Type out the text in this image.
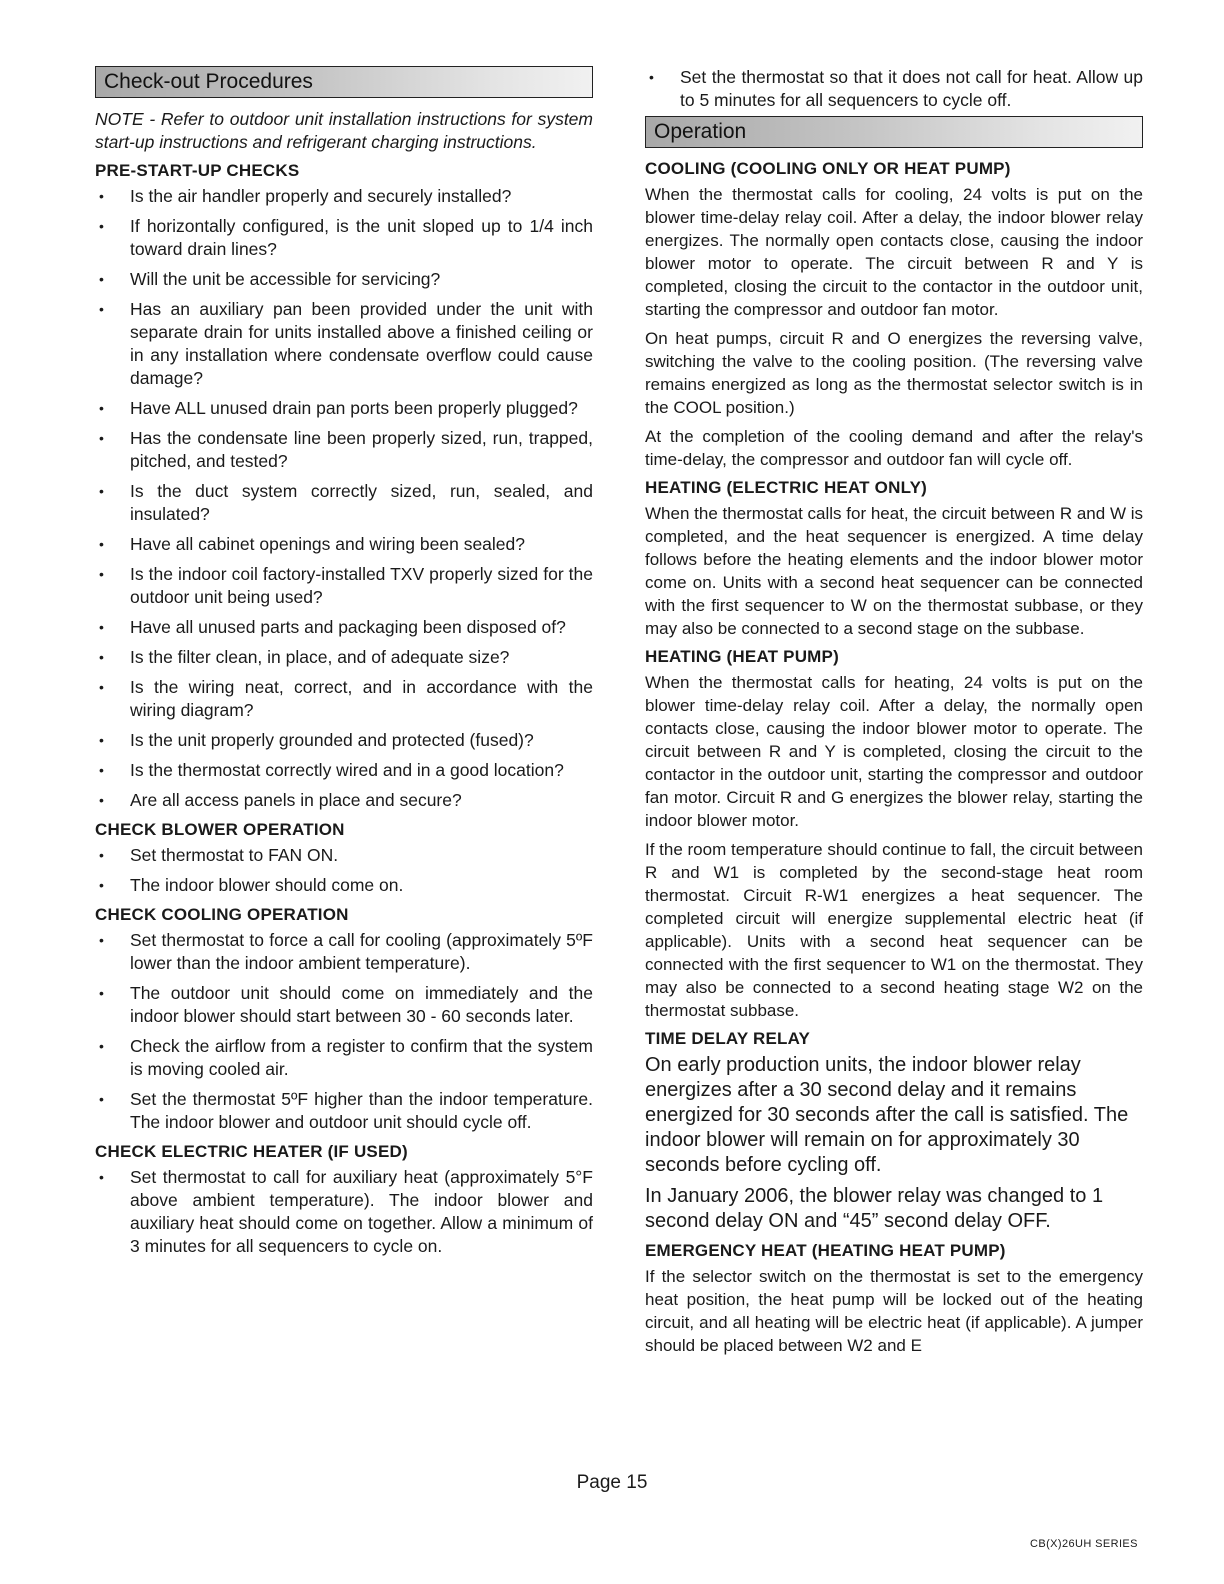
Check-out Procedures

NOTE - Refer to outdoor unit installation instructions for system start-up instructions and refrigerant charging instructions.

PRE-START-UP CHECKS
• Is the air handler properly and securely installed?
• If horizontally configured, is the unit sloped up to 1/4 inch toward drain lines?
• Will the unit be accessible for servicing?
• Has an auxiliary pan been provided under the unit with separate drain for units installed above a finished ceiling or in any installation where condensate overflow could cause damage?
• Have ALL unused drain pan ports been properly plugged?
• Has the condensate line been properly sized, run, trapped, pitched, and tested?
• Is the duct system correctly sized, run, sealed, and insulated?
• Have all cabinet openings and wiring been sealed?
• Is the indoor coil factory-installed TXV properly sized for the outdoor unit being used?
• Have all unused parts and packaging been disposed of?
• Is the filter clean, in place, and of adequate size?
• Is the wiring neat, correct, and in accordance with the wiring diagram?
• Is the unit properly grounded and protected (fused)?
• Is the thermostat correctly wired and in a good location?
• Are all access panels in place and secure?
CHECK BLOWER OPERATION
• Set thermostat to FAN ON.
• The indoor blower should come on.
CHECK COOLING OPERATION
• Set thermostat to force a call for cooling (approximately 5ºF lower than the indoor ambient temperature).
• The outdoor unit should come on immediately and the indoor blower should start between 30 - 60 seconds later.
• Check the airflow from a register to confirm that the system is moving cooled air.
• Set the thermostat 5ºF higher than the indoor temperature. The indoor blower and outdoor unit should cycle off.
CHECK ELECTRIC HEATER (IF USED)
• Set thermostat to call for auxiliary heat (approximately 5°F above ambient temperature). The indoor blower and auxiliary heat should come on together. Allow a minimum of 3 minutes for all sequencers to cycle on.
• Set the thermostat so that it does not call for heat. Allow up to 5 minutes for all sequencers to cycle off.
Operation
COOLING (COOLING ONLY OR HEAT PUMP)

When the thermostat calls for cooling, 24 volts is put on the blower time-delay relay coil. After a delay, the indoor blower relay energizes. The normally open contacts close, causing the indoor blower motor to operate. The circuit between R and Y is completed, closing the circuit to the contactor in the outdoor unit, starting the compressor and outdoor fan motor.

On heat pumps, circuit R and O energizes the reversing valve, switching the valve to the cooling position. (The reversing valve remains energized as long as the thermostat selector switch is in the COOL position.)

At the completion of the cooling demand and after the relay's time-delay, the compressor and outdoor fan will cycle off.

HEATING (ELECTRIC HEAT ONLY)

When the thermostat calls for heat, the circuit between R and W is completed, and the heat sequencer is energized. A time delay follows before the heating elements and the indoor blower motor come on. Units with a second heat sequencer can be connected with the first sequencer to W on the thermostat subbase, or they may also be connected to a second stage on the subbase.

HEATING (HEAT PUMP)

When the thermostat calls for heating, 24 volts is put on the blower time-delay relay coil. After a delay, the normally open contacts close, causing the indoor blower motor to operate. The circuit between R and Y is completed, closing the circuit to the contactor in the outdoor unit, starting the compressor and outdoor fan motor. Circuit R and G energizes the blower relay, starting the indoor blower motor.

If the room temperature should continue to fall, the circuit between R and W1 is completed by the second-stage heat room thermostat. Circuit R-W1 energizes a heat sequencer. The completed circuit will energize supplemental electric heat (if applicable). Units with a second heat sequencer can be connected with the first sequencer to W1 on the thermostat. They may also be connected to a second heating stage W2 on the thermostat subbase.

TIME DELAY RELAY

On early production units, the indoor blower relay energizes after a 30 second delay and it remains energized for 30 seconds after the call is satisfied. The indoor blower will remain on for approximately 30 seconds before cycling off.

In January 2006, the blower relay was changed to 1 second delay ON and “45” second delay OFF.

EMERGENCY HEAT (HEATING HEAT PUMP)

If the selector switch on the thermostat is set to the emergency heat position, the heat pump will be locked out of the heating circuit, and all heating will be electric heat (if applicable). A jumper should be placed between W2 and E

Page 15
CB(X)26UH SERIES
